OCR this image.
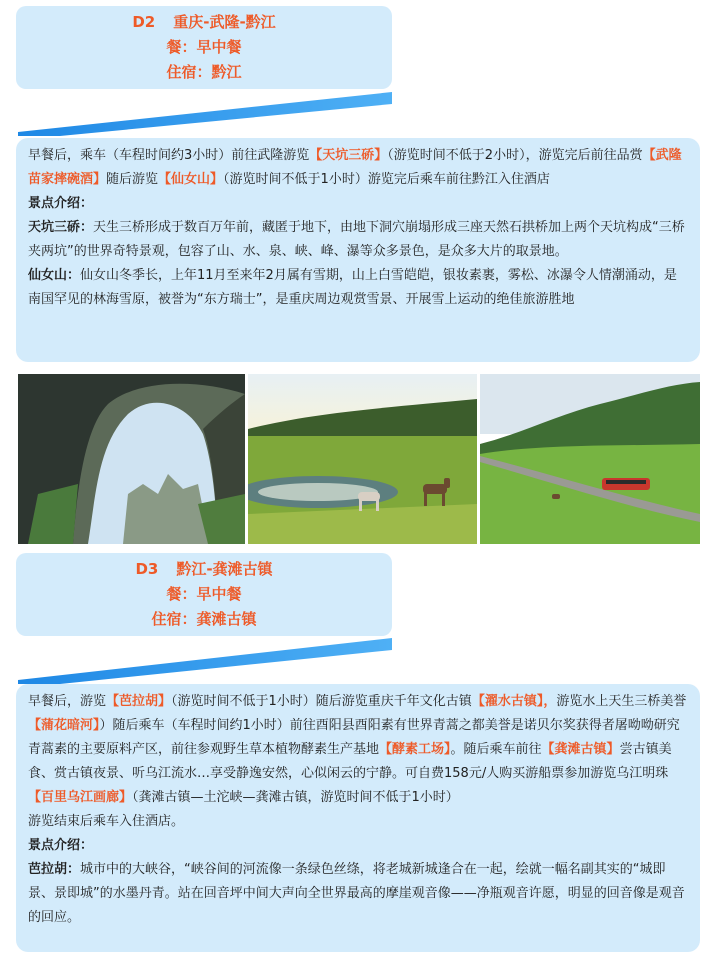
D2 重庆-武隆-黔江
餐：早中餐
住宿：黔江

早餐后，乘车（车程时间约3小时）前往武隆游览【天坑三硚】（游览时间不低于2小时），游览完后前往品赏【武隆苗家摔碗酒】随后游览【仙女山】（游览时间不低于1小时）游览完后乘车前往黔江入住酒店

景点介绍：

天坑三硚：天生三桥形成于数百万年前，藏匿于地下，由地下洞穴崩塌形成三座天然石拱桥加上两个天坑构成“三桥夹两坑”的世界奇特景观，包容了山、水、泉、峡、峰、瀑等众多景色，是众多大片的取景地。

仙女山：仙女山冬季长，上年11月至来年2月属有雪期，山上白雪皑皑，银妆素裹，雾松、冰瀑令人情潮涌动，是南国罕见的林海雪原，被誉为“东方瑞士”，是重庆周边观赏雪景、开展雪上运动的绝佳旅游胜地

D3 黔江-龚滩古镇
餐：早中餐
住宿：龚滩古镇

早餐后，游览【芭拉胡】（游览时间不低于1小时）随后游览重庆千年文化古镇【濯水古镇】，游览水上天生三桥美誉【蒲花暗河】）随后乘车（车程时间约1小时）前往酉阳县酉阳素有世界青蒿之都美誉是诺贝尔奖获得者屠呦呦研究青蒿素的主要原料产区，前往参观野生草本植物酵素生产基地【酵素工场】。随后乘车前往【龚滩古镇】尝古镇美食、赏古镇夜景、听乌江流水…享受静逸安然，心似闲云的宁静。可自费158元/人购买游船票参加游览乌江明珠【百里乌江画廊】（龚滩古镇—土沱峡—龚滩古镇，游览时间不低于1小时）

游览结束后乘车入住酒店。

景点介绍：

芭拉胡：城市中的大峡谷，“峡谷间的河流像一条绿色丝绦，将老城新城逢合在一起，绘就一幅名副其实的“城即景、景即城”的水墨丹青。站在回音坪中间大声向全世界最高的摩崖观音像——净瓶观音许愿，明显的回音像是观音的回应。
